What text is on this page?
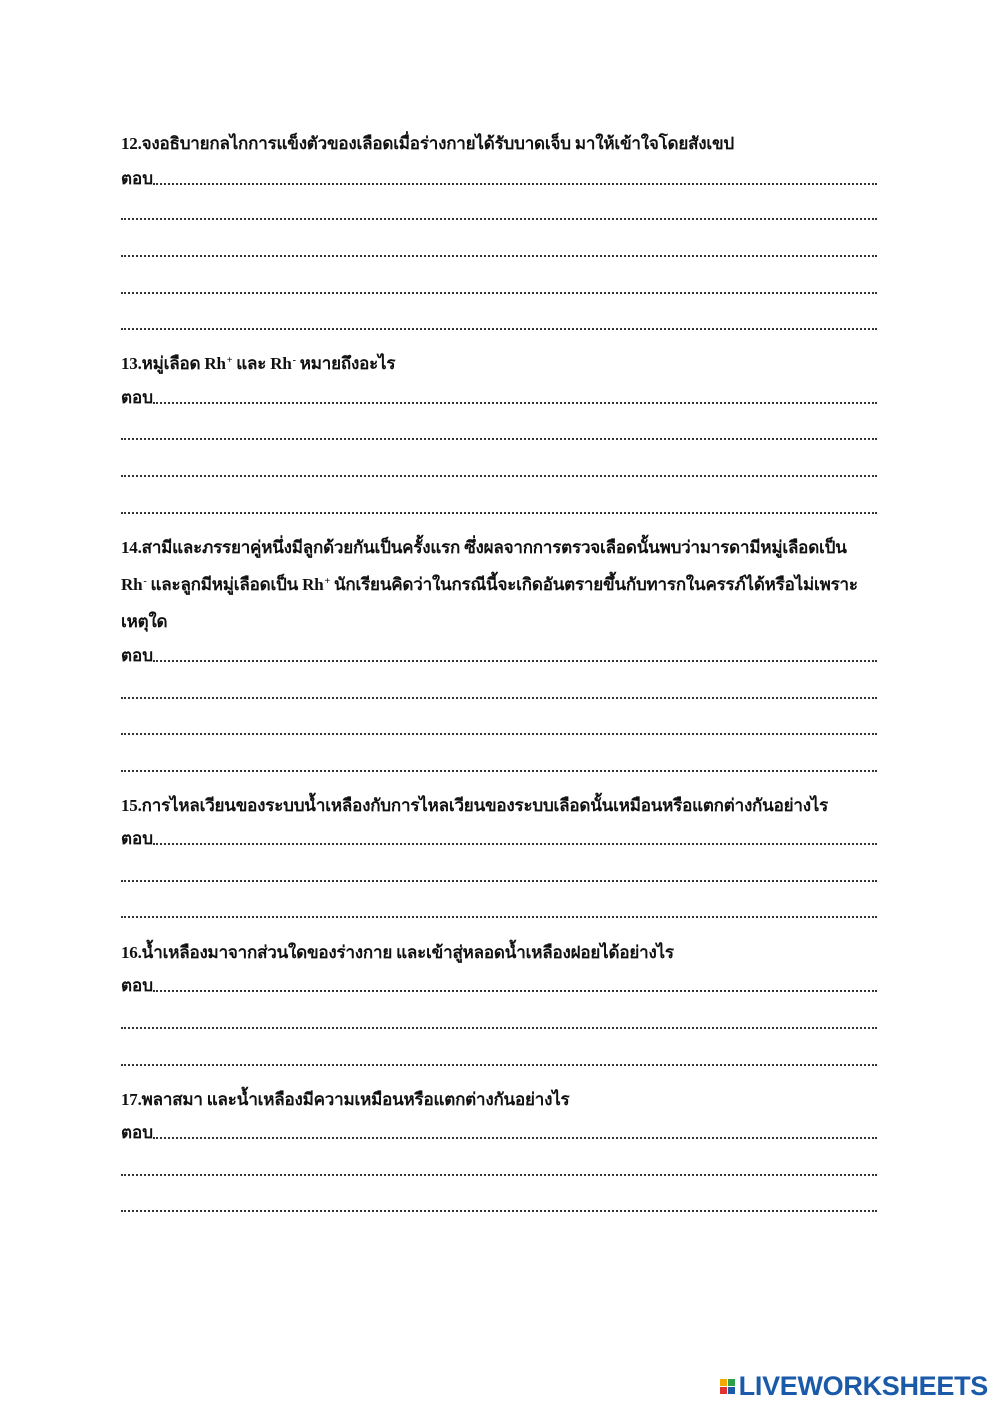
12.จงอธิบายกลไกการแข็งตัวของเลือดเมื่อร่างกายได้รับบาดเจ็บ มาให้เข้าใจโดยสังเขป
ตอบ
13.หมู่เลือด Rh+ และ Rh- หมายถึงอะไร
ตอบ
14.สามีและภรรยาคู่หนึ่งมีลูกด้วยกันเป็นครั้งแรก ซึ่งผลจากการตรวจเลือดนั้นพบว่ามารดามีหมู่เลือดเป็น
Rh- และลูกมีหมู่เลือดเป็น Rh+ นักเรียนคิดว่าในกรณีนี้จะเกิดอันตรายขึ้นกับทารกในครรภ์ได้หรือไม่เพราะ
เหตุใด
ตอบ
15.การไหลเวียนของระบบน้ำเหลืองกับการไหลเวียนของระบบเลือดนั้นเหมือนหรือแตกต่างกันอย่างไร
ตอบ
16.น้ำเหลืองมาจากส่วนใดของร่างกาย และเข้าสู่หลอดน้ำเหลืองฝอยได้อย่างไร
ตอบ
17.พลาสมา และน้ำเหลืองมีความเหมือนหรือแตกต่างกันอย่างไร
ตอบ
LIVEWORKSHEETS
